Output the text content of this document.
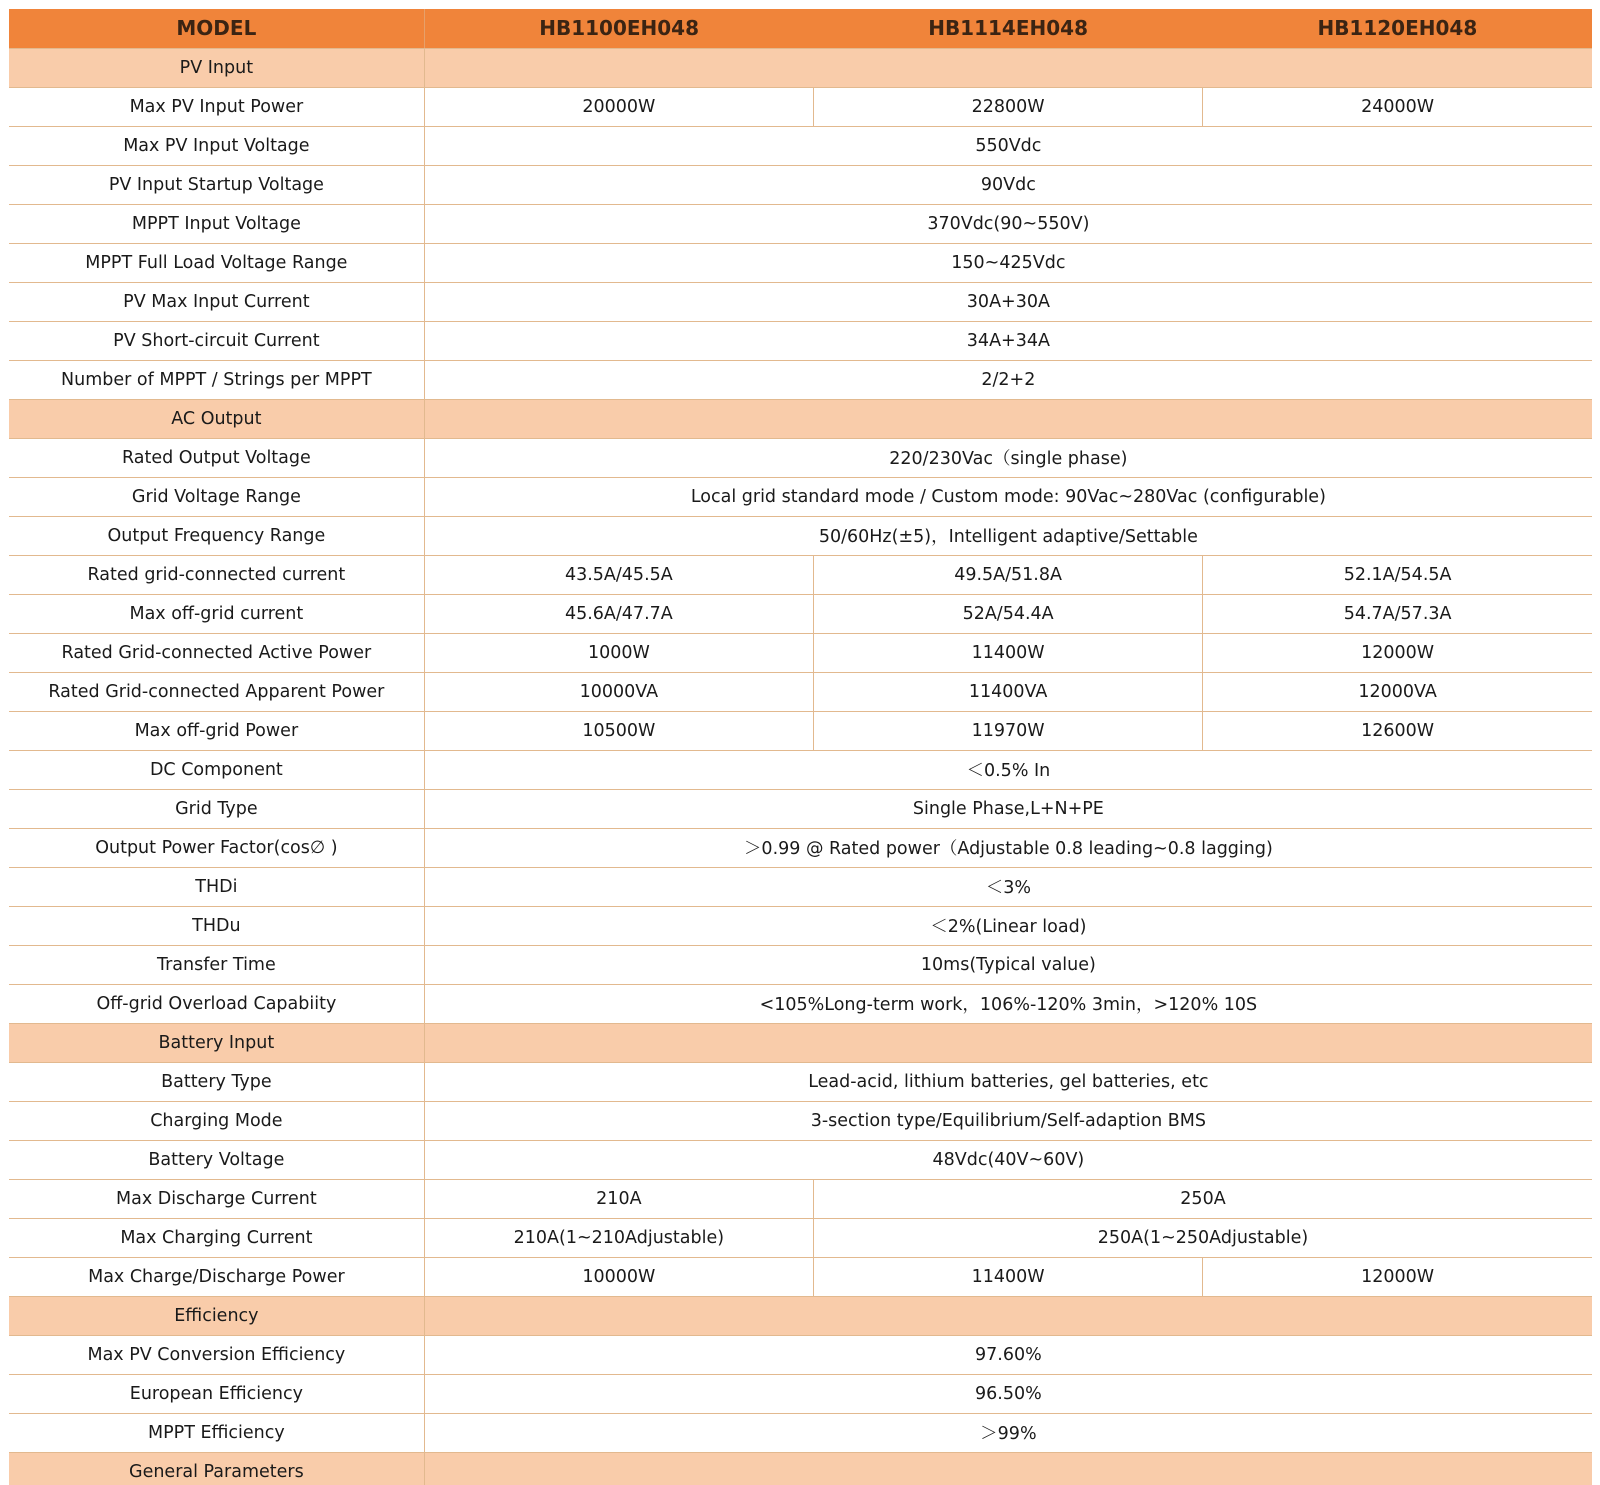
MODEL	HB1100EH048	HB1114EH048	HB1120EH048
PV Input			
Max PV Input Power	20000W	22800W	24000W
Max PV Input Voltage	550Vdc		
PV Input Startup Voltage	90Vdc		
MPPT Input Voltage	370Vdc(90~550V)		
MPPT Full Load Voltage Range	150~425Vdc		
PV Max Input Current	30A+30A		
PV Short-circuit Current	34A+34A		
Number of MPPT / Strings per MPPT	2/2+2		
AC Output			
Rated Output Voltage	220/230Vac（single phase)		
Grid Voltage Range	Local grid standard mode / Custom mode: 90Vac~280Vac (configurable)		
Output Frequency Range	50/60Hz(±5)，Intelligent adaptive/Settable		
Rated grid-connected current	43.5A/45.5A	49.5A/51.8A	52.1A/54.5A
Max off-grid current	45.6A/47.7A	52A/54.4A	54.7A/57.3A
Rated Grid-connected Active Power	1000W	11400W	12000W
Rated Grid-connected Apparent Power	10000VA	11400VA	12000VA
Max off-grid Power	10500W	11970W	12600W
DC Component	＜0.5% In		
Grid Type	Single Phase,L+N+PE		
Output Power Factor(cos∅ )	＞0.99 @ Rated power（Adjustable 0.8 leading~0.8 lagging)		
THDi	＜3%		
THDu	＜2%(Linear load)		
Transfer Time	10ms(Typical value)		
Off-grid Overload Capabiity	<105%Long-term work，106%-120% 3min，>120% 10S		
Battery Input			
Battery Type	Lead-acid, lithium batteries, gel batteries, etc		
Charging Mode	3-section type/Equilibrium/Self-adaption BMS		
Battery Voltage	48Vdc(40V~60V)		
Max Discharge Current	210A	250A	
Max Charging Current	210A(1~210Adjustable)	250A(1~250Adjustable)	
Max Charge/Discharge Power	10000W	11400W	12000W
Efficiency			
Max PV Conversion Efficiency	97.60%		
European Efficiency	96.50%		
MPPT Efficiency	＞99%		
General Parameters			
